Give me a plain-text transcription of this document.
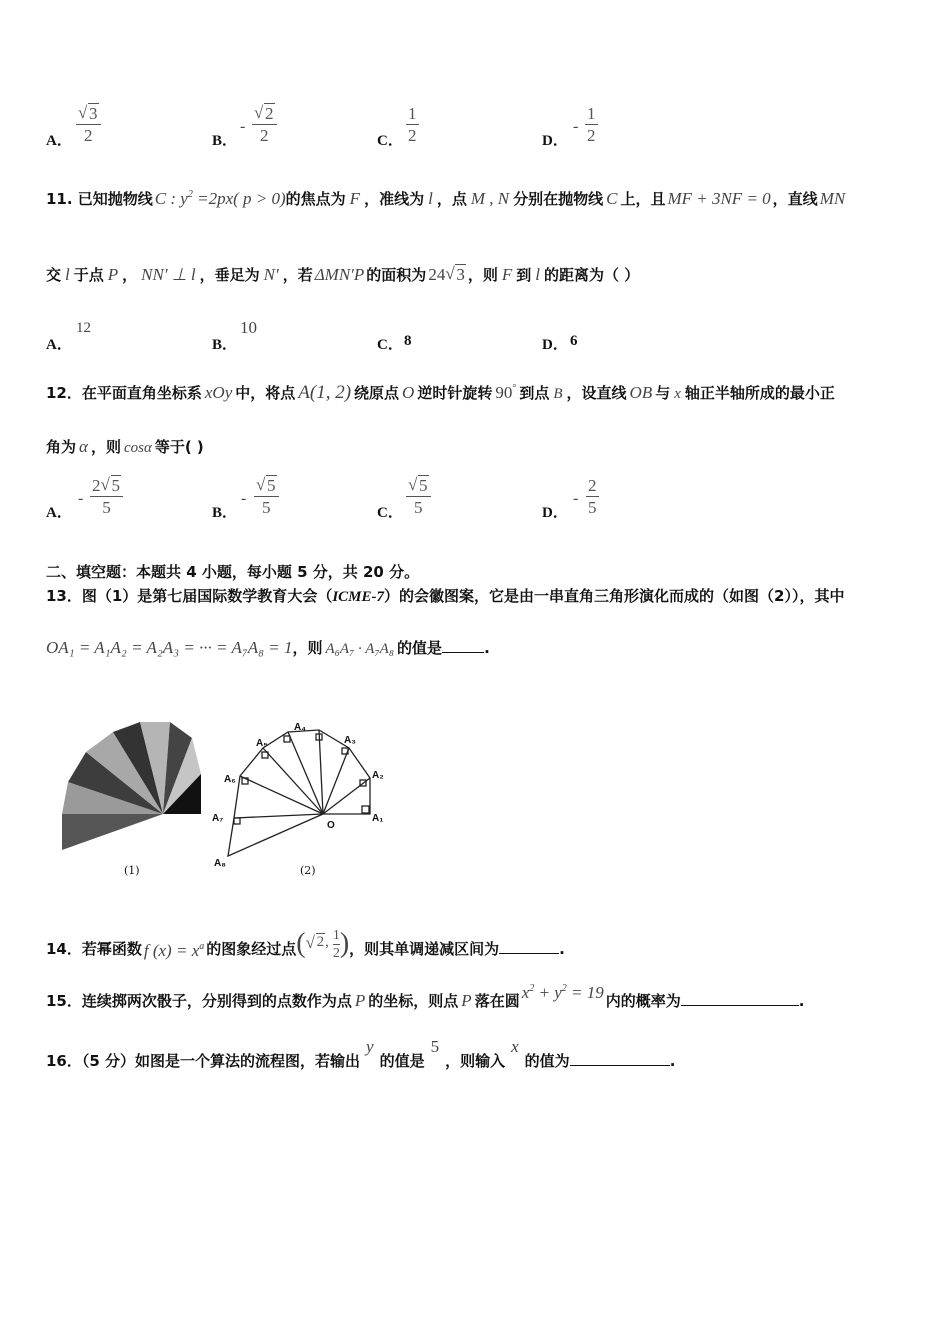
A． √ $\frac{3}{2}$	B．
- √ $\frac{2}{2}$	C． $\frac{1}{2}$	D．
- $\frac{1}{2}$
11. 已知抛物线 C : $y^2 =2px$( p > 0)的焦点为 F ，准线为 l ，点 M , N 分别在抛物线 C 上，且 MF + 3NF = 0 ，直线 MN
交 l 于点 P ， NN′ ⊥ l ，垂足为 N′ ，若 ΔMN′P 的面积为 24 √ 3 ，则 F 到 l 的距离为（ ）
A．
12
B．
10
C． 8	D． 6
12．在平面直角坐标系 xOy 中，将点 A(1, 2) 绕原点 O 逆时针旋转 90° 到点 B ，设直线 OB 与 x 轴正半轴所成的最小正
角为 α ，则 cosα 等于( )
A．
- $\frac{2 √ 5}{5}$	B．
- √ $\frac{5}{5}$	C． √ $\frac{5}{5}$	D．
- $\frac{2}{5}$
二、填空题：本题共 4 小题，每小题 5 分，共 20 分。
13．图（1）是第七届国际数学教育大会（ICME-7）的会徽图案，它是由一串直角三角形演化而成的（如图（2）），其中
OA₁ = A₁A₂ = A₂A₃ = ··· = A₇A₈ = 1，则 A₆A₇ · A₇A₈ 的值是	.
(1)
A₁
A₂
A₃
A₄
A₅
A₆
A₇
A₈
O
(2)
14．若幂函数 f $(x) = x^a$ 的图象经过点( √ 2, $\frac{1}{2}$ )，则其单调递减区间为	.
15．连续掷两次骰子，分别得到的点数作为点 P 的坐标，则点 P 落在圆 $x^2 + y^2 = 19$ 内的概率为	.
16．（5 分）如图是一个算法的流程图，若输出y的值是5，则输入x的值为	.
